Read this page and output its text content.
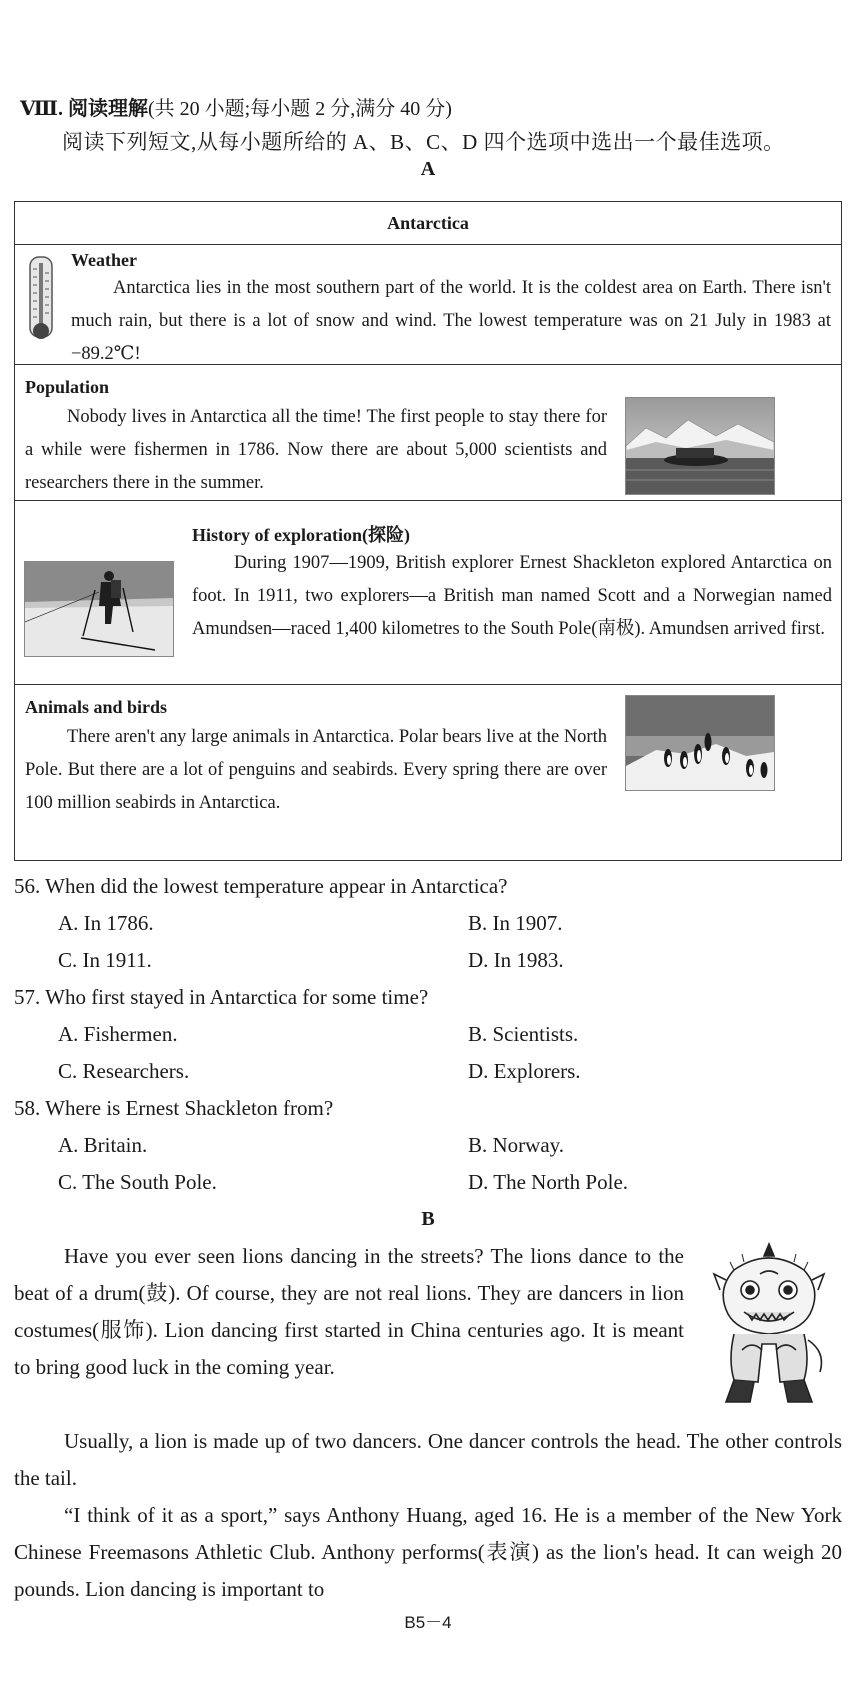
Ⅷ. 阅读理解(共 20 小题;每小题 2 分,满分 40 分)
阅读下列短文,从每小题所给的 A、B、C、D 四个选项中选出一个最佳选项。
A
Antarctica
Weather
Antarctica lies in the most southern part of the world. It is the coldest area on Earth. There isn't much rain, but there is a lot of snow and wind. The lowest temperature was on 21 July in 1983 at −89.2℃!
Population
Nobody lives in Antarctica all the time! The first people to stay there for a while were fishermen in 1786. Now there are about 5,000 scientists and researchers there in the summer.
History of exploration(探险)
During 1907—1909, British explorer Ernest Shackleton explored Antarctica on foot. In 1911, two explorers—a British man named Scott and a Norwegian named Amundsen—raced 1,400 kilometres to the South Pole(南极). Amundsen arrived first.
Animals and birds
There aren't any large animals in Antarctica. Polar bears live at the North Pole. But there are a lot of penguins and seabirds. Every spring there are over 100 million seabirds in Antarctica.
56. When did the lowest temperature appear in Antarctica?
A. In 1786.	B. In 1907.
C. In 1911.	D. In 1983.
57. Who first stayed in Antarctica for some time?
A. Fishermen.	B. Scientists.
C. Researchers.	D. Explorers.
58. Where is Ernest Shackleton from?
A. Britain.	B. Norway.
C. The South Pole.	D. The North Pole.
B
Have you ever seen lions dancing in the streets? The lions dance to the beat of a drum(鼓). Of course, they are not real lions. They are dancers in lion costumes(服饰). Lion dancing first started in China centuries ago. It is meant to bring good luck in the coming year.
Usually, a lion is made up of two dancers. One dancer controls the head. The other controls the tail.
“I think of it as a sport,” says Anthony Huang, aged 16. He is a member of the New York Chinese Freemasons Athletic Club. Anthony performs(表演) as the lion's head. It can weigh 20 pounds. Lion dancing is important to
B5－4
